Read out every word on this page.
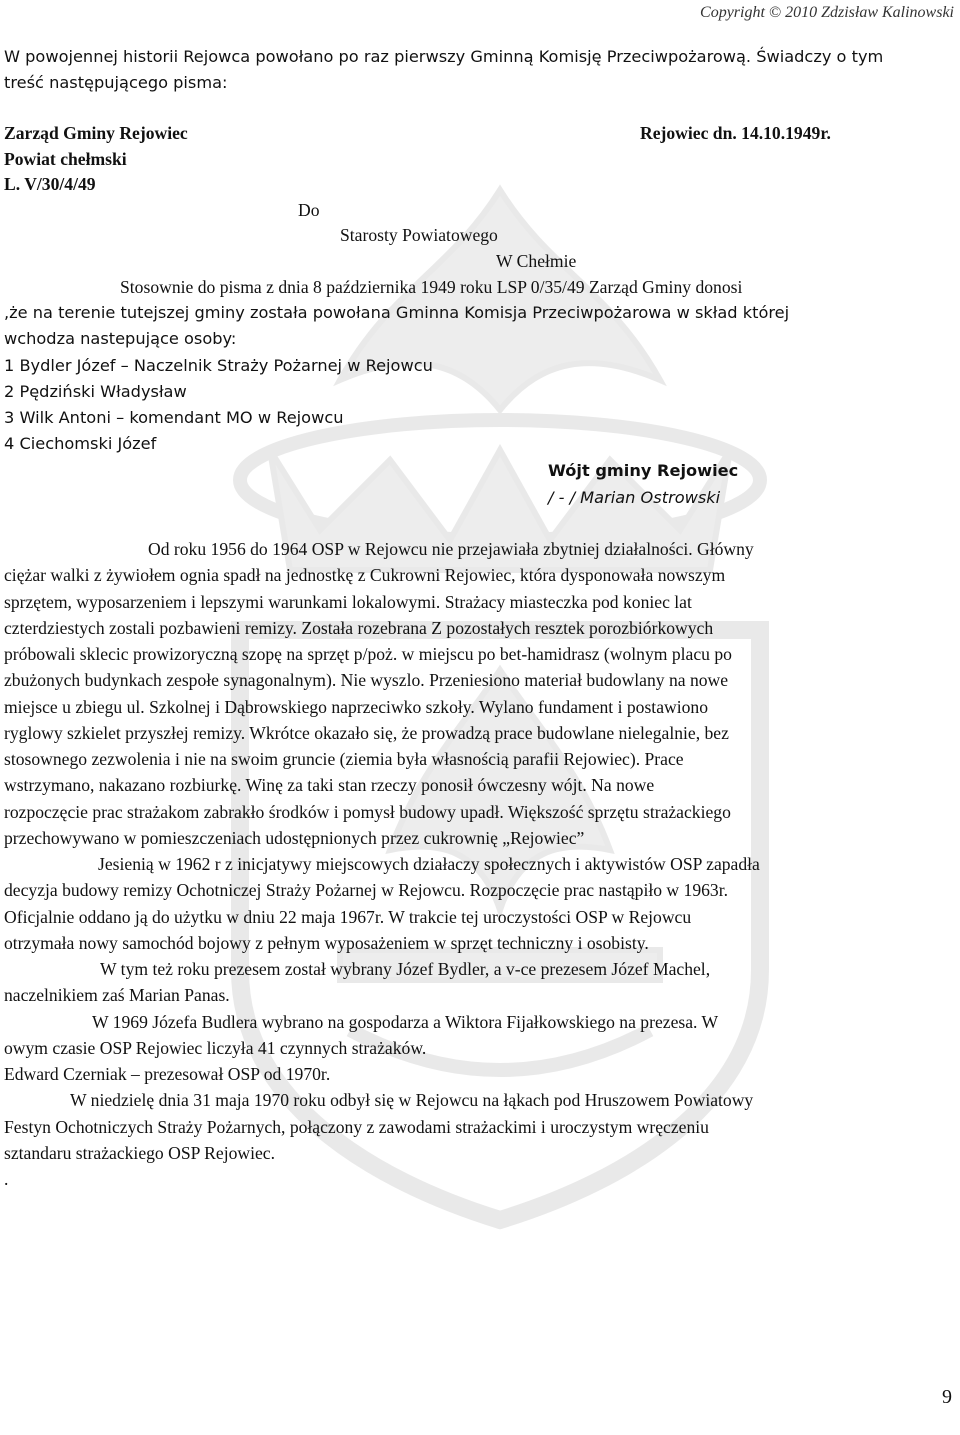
Copyright © 2010 Zdzisław Kalinowski
W powojennej historii Rejowca powołano po raz pierwszy Gminną Komisję Przeciwpożarową. Świadczy o tym
treść następującego pisma:
Zarząd Gminy Rejowiec	Rejowiec dn. 14.10.1949r.
Powiat chełmski
L. V/30/4/49
Do
Starosty Powiatowego
W Chełmie
Stosownie do pisma z dnia 8 października 1949 roku LSP 0/35/49 Zarząd Gminy donosi
,że na terenie tutejszej gminy została powołana Gminna Komisja Przeciwpożarowa w skład której
wchodza nastepujące osoby:
1 Bydler Józef – Naczelnik Straży Pożarnej w Rejowcu
2 Pędziński Władysław
3 Wilk Antoni – komendant MO w Rejowcu
4 Ciechomski Józef
Wójt gminy Rejowiec
/ - / Marian Ostrowski
Od roku 1956 do 1964 OSP w Rejowcu nie przejawiała zbytniej działalności. Główny
ciężar walki z żywiołem ognia spadł na jednostkę z Cukrowni Rejowiec, która dysponowała nowszym
sprzętem, wyposarzeniem i lepszymi warunkami lokalowymi. Strażacy miasteczka pod koniec lat
czterdziestych zostali pozbawieni remizy. Została rozebrana Z pozostałych resztek porozbiórkowych
próbowali sklecic prowizoryczną szopę na sprzęt p/poż. w miejscu po bet-hamidrasz (wolnym placu po
zbużonych budynkach zespołe synagonalnym). Nie wyszlo. Przeniesiono materiał budowlany na nowe
miejsce u zbiegu ul. Szkolnej i Dąbrowskiego naprzeciwko szkoły. Wylano fundament i postawiono
ryglowy szkielet przyszłej remizy. Wkrótce okazało się, że prowadzą prace budowlane nielegalnie, bez
stosownego zezwolenia i nie na swoim gruncie (ziemia była własnością parafii Rejowiec). Prace
wstrzymano, nakazano rozbiurkę. Winę za taki stan rzeczy ponosił ówczesny wójt. Na nowe
rozpoczęcie prac strażakom zabrakło środków i pomysł budowy upadł. Większość sprzętu strażackiego
przechowywano w pomieszczeniach udostępnionych przez cukrownię „Rejowiec”
Jesienią w 1962 r z inicjatywy miejscowych działaczy społecznych i aktywistów OSP zapadła
decyzja budowy remizy Ochotniczej Straży Pożarnej w Rejowcu. Rozpoczęcie prac nastąpiło w 1963r.
Oficjalnie oddano ją do użytku w dniu 22 maja 1967r. W trakcie tej uroczystości OSP w Rejowcu
otrzymała nowy samochód bojowy z pełnym wyposażeniem w sprzęt techniczny i osobisty.
W tym też roku prezesem został wybrany Józef Bydler, a v-ce prezesem Józef Machel,
naczelnikiem zaś Marian Panas.
W 1969 Józefa Budlera wybrano na gospodarza a Wiktora Fijałkowskiego na prezesa. W
owym czasie OSP Rejowiec liczyła 41 czynnych strażaków.
Edward Czerniak – prezesował OSP od 1970r.
W niedzielę dnia 31 maja 1970 roku odbył się w Rejowcu na łąkach pod Hruszowem Powiatowy
Festyn Ochotniczych Straży Pożarnych, połączony z zawodami strażackimi i uroczystym wręczeniu
sztandaru strażackiego OSP Rejowiec.
.
9
